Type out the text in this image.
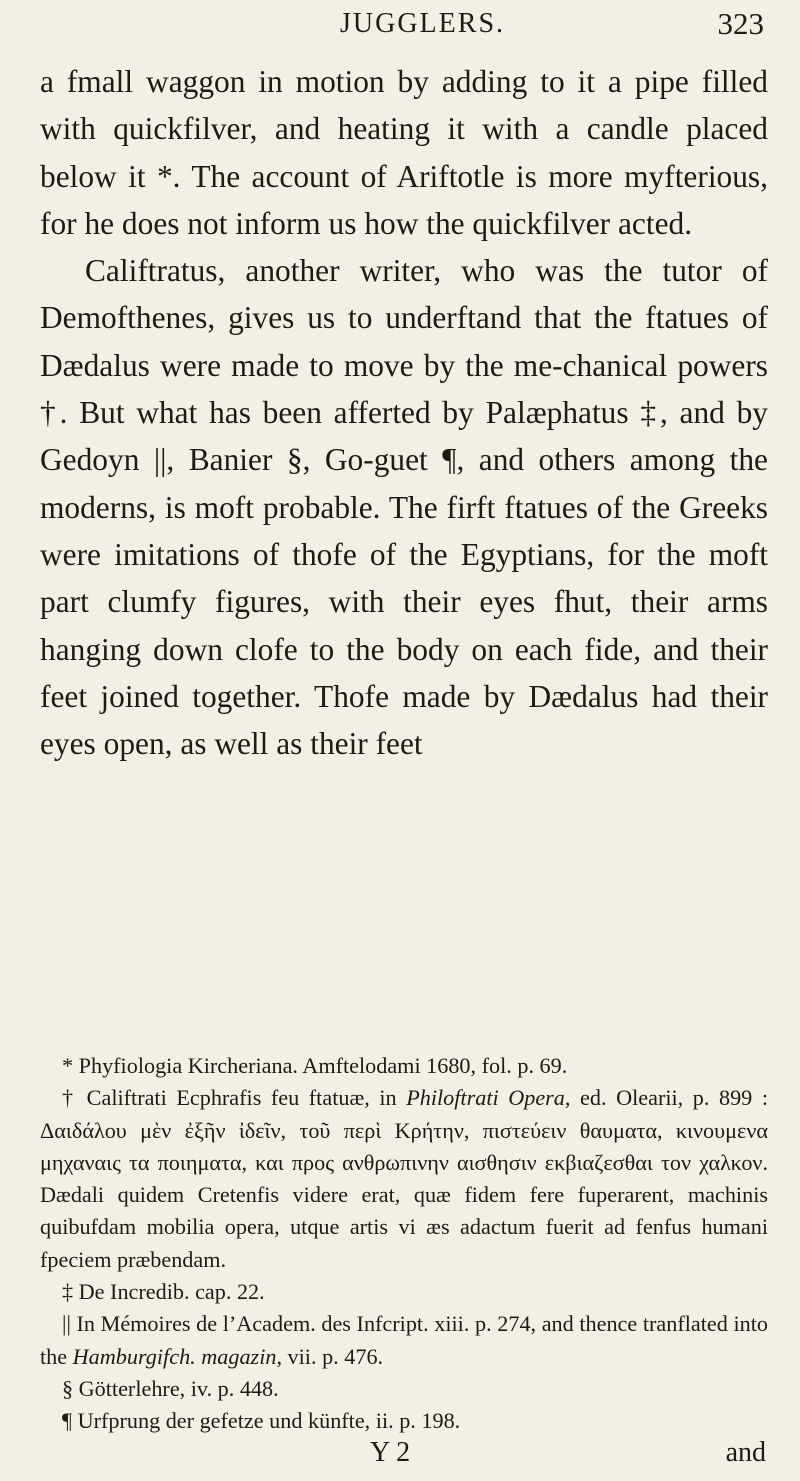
JUGGLERS.	323

a fmall waggon in motion by adding to it a pipe filled with quickfilver, and heating it with a candle placed below it *. The account of Ariftotle is more myfterious, for he does not inform us how the quickfilver acted.

Califtratus, another writer, who was the tutor of Demofthenes, gives us to underftand that the ftatues of Dædalus were made to move by the me-chanical powers †. But what has been afferted by Palæphatus ‡, and by Gedoyn ||, Banier §, Go-guet ¶, and others among the moderns, is moft probable. The firft ftatues of the Greeks were imitations of thofe of the Egyptians, for the moft part clumfy figures, with their eyes fhut, their arms hanging down clofe to the body on each fide, and their feet joined together. Thofe made by Dædalus had their eyes open, as well as their feet

* Phyfiologia Kircheriana. Amftelodami 1680, fol. p. 69.

† Califtrati Ecphrafis feu ftatuæ, in Philoftrati Opera, ed. Olearii, p. 899 : Δαιδάλου μὲν ἐξῆν ἰδεῖν, τοῦ περὶ Κρήτην, πιστεύειν θαυματα, κινουμενα μηχαναις τα ποιηματα, και προς ανθρωπινην αισθησιν εκβιαζεσθαι τον χαλκον. Dædali quidem Cretenfis videre erat, quæ fidem fere fuperarent, machinis quibufdam mobilia opera, utque artis vi æs adactum fuerit ad fenfus humani fpeciem præbendam.

‡ De Incredib. cap. 22.

|| In Mémoires de l’Academ. des Infcript. xiii. p. 274, and thence tranflated into the Hamburgifch. magazin, vii. p. 476.

§ Götterlehre, iv. p. 448.

¶ Urfprung der gefetze und künfte, ii. p. 198.

Y 2	and
